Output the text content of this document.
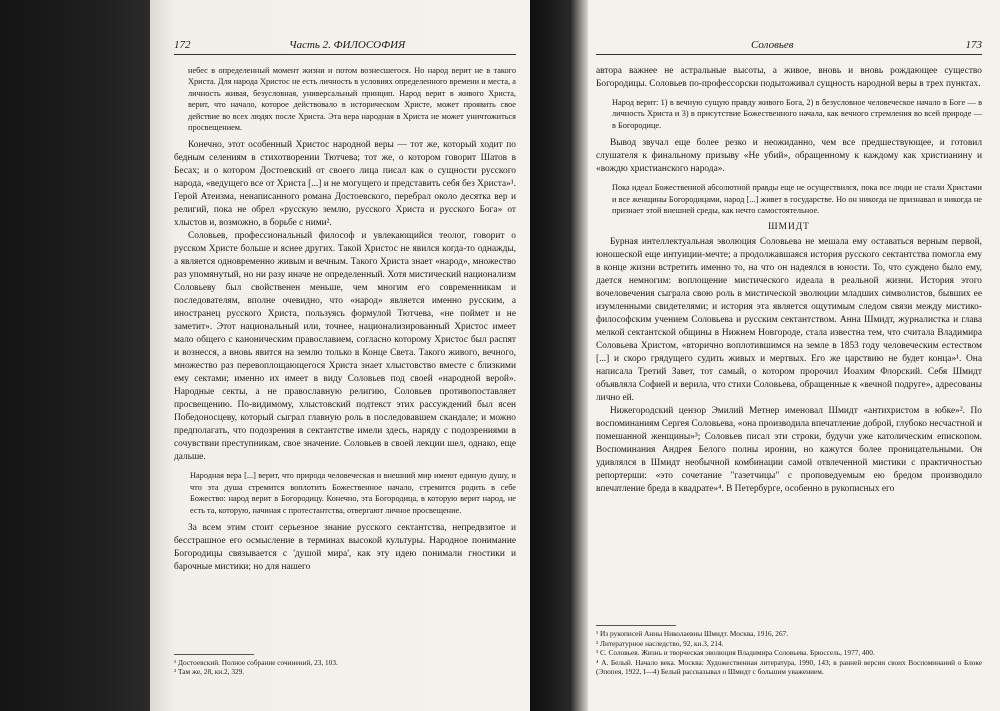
172	Часть 2. ФИЛОСОФИЯ

небес в определенный момент жизни и потом вознесшегося. Но народ верит не в такого Христа. Для народа Христос не есть личность в условиях определенного времени и места, а личность живая, безусловная, универсальный принцип. Народ верит в живого Христа, верит, что начало, которое действовало в историческом Христе, может проявить свое действие во всех людях после Христа. Эта вера народная в Христа не может уничтожиться просвещением.

Конечно, этот особенный Христос народной веры — тот же, который ходит по бедным селениям в стихотворении Тютчева; тот же, о котором говорит Шатов в Бесах; и о котором Достоевский от своего лица писал как о сущности русского народа, «ведущего все от Христа [...] и не могущего и представить себя без Христа»¹. Герой Атеизма, ненаписанного романа Достоевского, перебрал около десятка вер и религий, пока не обрел «русскую землю, русского Христа и русского Бога» от хлыстов и, возможно, в борьбе с ними².

Соловьев, профессиональный философ и увлекающийся теолог, говорит о русском Христе больше и яснее других. Такой Христос не явился когда-то однажды, а является одновременно живым и вечным. Такого Христа знает «народ», множество раз упомянутый, но ни разу иначе не определенный. Хотя мистический национализм Соловьеву был свойственен меньше, чем многим его современникам и последователям, вполне очевидно, что «народ» является именно русским, а иностранец русского Христа, пользуясь формулой Тютчева, «не поймет и не заметит». Этот национальный или, точнее, национализированный Христос имеет мало общего с каноническим православием, согласно которому Христос был распят и вознесся, а вновь явится на землю только в Конце Света. Такого живого, вечного, множество раз перевоплощающегося Христа знает хлыстовство вместе с близкими ему сектами; именно их имеет в виду Соловьев под своей «народной верой». Народные секты, а не православную религию, Соловьев противопоставляет просвещению. По-видимому, хлыстовский подтекст этих рассуждений был ясен Победоносцеву, который сыграл главную роль в последовавшем скандале; и можно предполагать, что подозрения в сектантстве имели здесь, наряду с подозрениями в сочувствии преступникам, свое значение. Соловьев в своей лекции шел, однако, еще дальше.

Народная вера [...] верит, что природа человеческая и внешний мир имеют единую душу, и что эта душа стремится воплотить Божественное начало, стремится родить в себе Божество: народ верит в Богородицу. Конечно, эта Богородица, в которую верит народ, не есть та, которую, начиная с протестантства, отвергают личное просвещение.

За всем этим стоит серьезное знание русского сектантства, непредвзятое и бесстрашное его осмысление в терминах высокой культуры. Народное понимание Богородицы связывается с 'душой мира', как эту идею понимали гностики и барочные мистики; но для нашего

¹ Достоевский. Полное собрание сочинений, 23, 103.

² Там же, 28, кн.2, 329.

Соловьев	173

автора важнее не астральные высоты, а живое, вновь и вновь рождающее существо Богородицы. Соловьев по-профессорски подытоживал сущность народной веры в трех пунктах.

Народ верит: 1) в вечную сущую правду живого Бога, 2) в безусловное человеческое начало в Боге — в личность Христа и 3) в присутствие Божественного начала, как вечного стремления во всей природе — в Богородице.

Вывод звучал еще более резко и неожиданно, чем все предшествующее, и готовил слушателя к финальному призыву «Не убий», обращенному к каждому как христианину и «вождю христианского народа».

Пока идеал Божественной абсолютной правды еще не осуществился, пока все люди не стали Христами и все женщины Богородицами, народ [...] живет в государстве. Но он никогда не признавал и никогда не признает этой внешней среды, как нечто самостоятельное.

ШМИДТ

Бурная интеллектуальная эволюция Соловьева не мешала ему оставаться верным первой, юношеской еще интуиции-мечте; а продолжавшаяся история русского сектантства помогла ему в конце жизни встретить именно то, на что он надеялся в юности. То, что суждено было ему, дается немногим: воплощение мистического идеала в реальной жизни. История этого вочеловечения сыграла свою роль в мистической эволюции младших символистов, бывших ее изумленными свидетелями; и история эта является ощутимым следом связи между мистико-философским учением Соловьева и русским сектантством. Анна Шмидт, журналистка и глава мелкой сектантской общины в Нижнем Новгороде, стала известна тем, что считала Владимира Соловьева Христом, «вторично воплотившимся на земле в 1853 году человеческим естеством [...] и скоро грядущего судить живых и мертвых. Его же царствию не будет конца»¹. Она написала Третий Завет, тот самый, о котором пророчил Иоахим Флорский. Себя Шмидт объявляла Софией и верила, что стихи Соловьева, обращенные к «вечной подруге», адресованы лично ей.

Нижегородский цензор Эмилий Метнер именовал Шмидт «антихристом в юбке»². По воспоминаниям Сергея Соловьева, «она производила впечатление доброй, глубоко несчастной и помешанной женщины»³; Соловьев писал эти строки, будучи уже католическим епископом. Воспоминания Андрея Белого полны иронии, но кажутся более проницательными. Он удивлялся в Шмидт необычной комбинации самой отвлеченной мистики с практичностью репортерши: «это сочетание "газетчицы" с проповедуемым ею бредом производило впечатление бреда в квадрате»⁴. В Петербурге, особенно в рукописных его

¹ Из рукописей Анны Николаевны Шмидт. Москва, 1916, 267.

² Литературное наследство, 92, кн.3, 214.

³ С. Соловьев. Жизнь и творческая эволюция Владимира Соловьева. Брюссель, 1977, 400.

⁴ А. Белый. Начало века. Москва: Художественная литература, 1990, 143; в ранней версии своих Воспоминаний о Блоке (Эпопея, 1922, I—4) Белый рассказывал о Шмидт с большим уважением.
